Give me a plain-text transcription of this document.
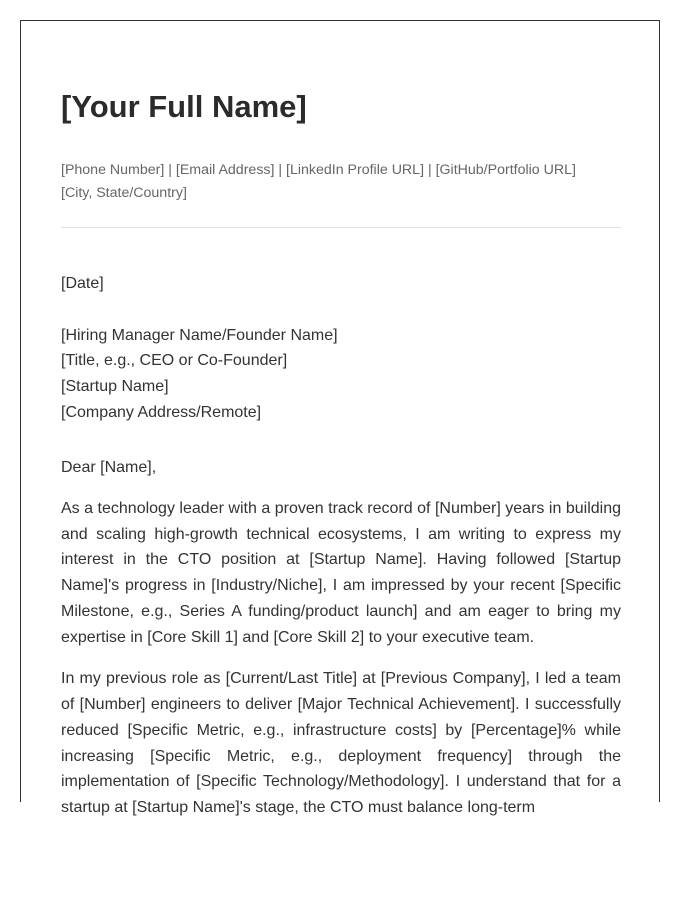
[Your Full Name]
[Phone Number] | [Email Address] | [LinkedIn Profile URL] | [GitHub/Portfolio URL]
[City, State/Country]
[Date]
[Hiring Manager Name/Founder Name]
[Title, e.g., CEO or Co-Founder]
[Startup Name]
[Company Address/Remote]
Dear [Name],

As a technology leader with a proven track record of [Number] years in building and scaling high-growth technical ecosystems, I am writing to express my interest in the CTO position at [Startup Name]. Having followed [Startup Name]'s progress in [Industry/Niche], I am impressed by your recent [Specific Milestone, e.g., Series A funding/product launch] and am eager to bring my expertise in [Core Skill 1] and [Core Skill 2] to your executive team.

In my previous role as [Current/Last Title] at [Previous Company], I led a team of [Number] engineers to deliver [Major Technical Achievement]. I successfully reduced [Specific Metric, e.g., infrastructure costs] by [Percentage]% while increasing [Specific Metric, e.g., deployment frequency] through the implementation of [Specific Technology/Methodology]. I understand that for a startup at [Startup Name]'s stage, the CTO must balance long-term
